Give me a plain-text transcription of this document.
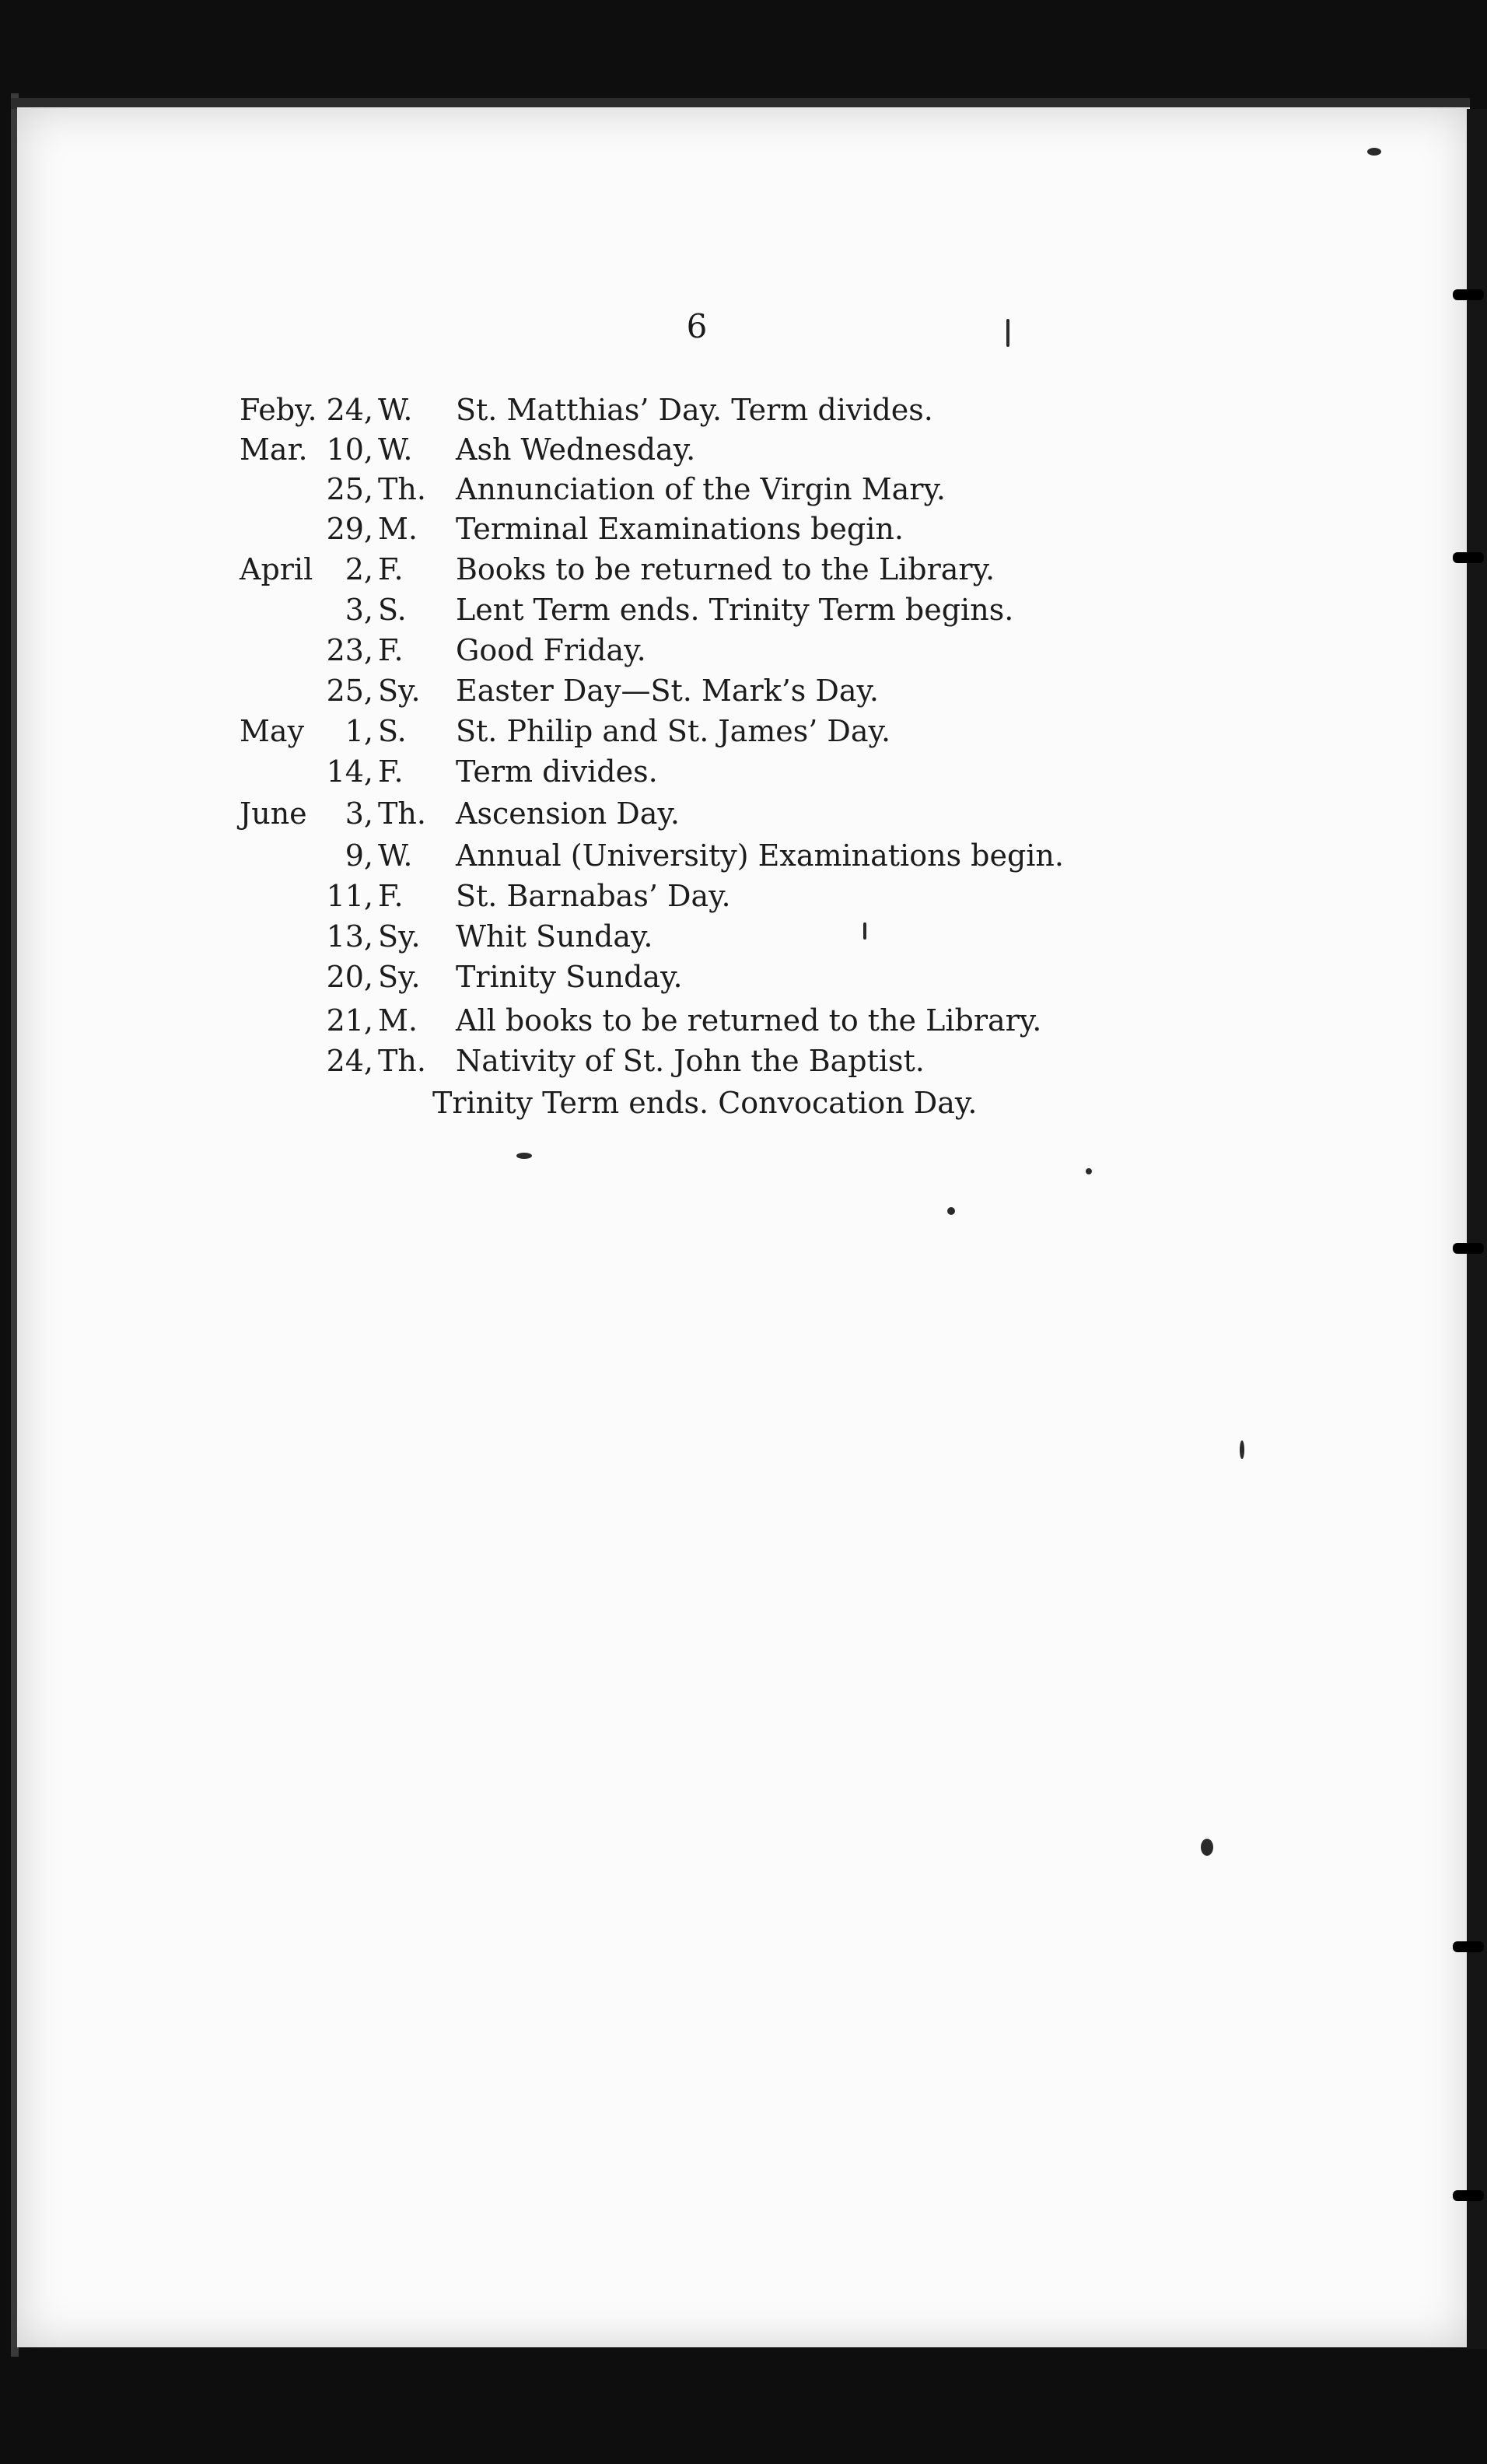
6
Feby. 24, W.	St. Matthias’ Day. Term divides.
Mar. 10, W.	Ash Wednesday.
25, Th.	Annunciation of the Virgin Mary.
29, M.	Terminal Examinations begin.
April	2, F.	Books to be returned to the Library.
3, S.	Lent Term ends. Trinity Term begins.
23, F.	Good Friday.
25, Sy.	Easter Day—St. Mark’s Day.
May	1, S.	St. Philip and St. James’ Day.
14, F.	Term divides.
June	3, Th.	Ascension Day.
9, W.	Annual (University) Examinations begin.
11, F.	St. Barnabas’ Day.
13, Sy.	Whit Sunday.
20, Sy.	Trinity Sunday.
21, M.	All books to be returned to the Library.
24, Th.	Nativity of St. John the Baptist.
Trinity Term ends. Convocation Day.
